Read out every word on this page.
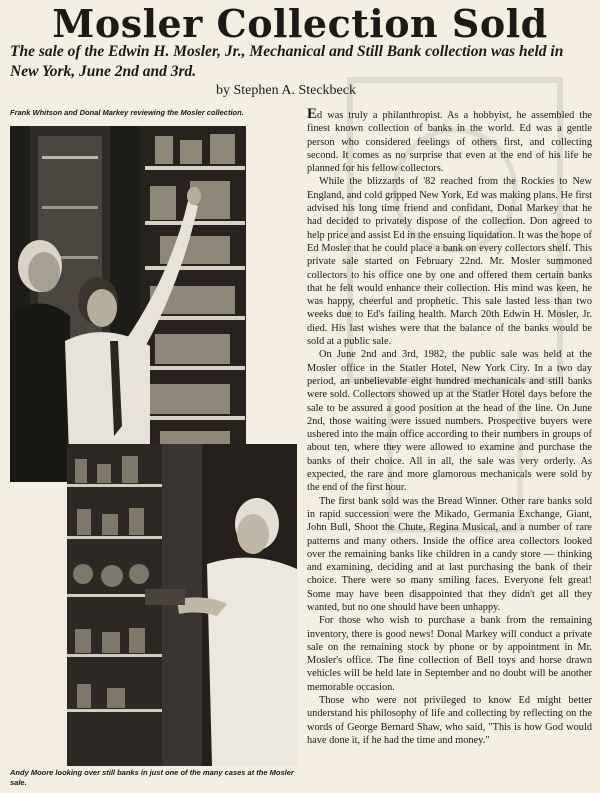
Mosler Collection Sold
The sale of the Edwin H. Mosler, Jr., Mechanical and Still Bank collection was held in New York, June 2nd and 3rd.
by Stephen A. Steckbeck
Frank Whitson and Donal Markey reviewing the Mosler collection.
Andy Moore looking over still banks in just one of the many cases at the Mosler sale.

Ed was truly a philanthropist. As a hobbyist, he assembled the finest known collection of banks in the world. Ed was a gentle person who considered feelings of others first, and collecting second. It comes as no surprise that even at the end of his life he planned for his fellow collectors.

While the blizzards of '82 reached from the Rockies to New England, and cold gripped New York, Ed was making plans. He first advised his long time friend and confidant, Donal Markey that he had decided to privately dispose of the collection. Don agreed to help price and assist Ed in the ensuing liquidation. It was the hope of Ed Mosler that he could place a bank on every collectors shelf. This private sale started on February 22nd. Mr. Mosler summoned collectors to his office one by one and offered them certain banks that he felt would enhance their collection. His mind was keen, he was happy, cheerful and prophetic. This sale lasted less than two weeks due to Ed's failing health. March 20th Edwin H. Mosler, Jr. died. His last wishes were that the balance of the banks would be sold at a public sale.

On June 2nd and 3rd, 1982, the public sale was held at the Mosler office in the Statler Hotel, New York City. In a two day period, an unbelievable eight hundred mechanicals and still banks were sold. Collectors showed up at the Statler Hotel days before the sale to be assured a good position at the head of the line. On June 2nd, those waiting were issued numbers. Prospective buyers were ushered into the main office according to their numbers in groups of about ten, where they were allowed to examine and purchase the banks of their choice. All in all, the sale was very orderly. As expected, the rare and more glamorous mechanicals were sold by the end of the first hour.

The first bank sold was the Bread Winner. Other rare banks sold in rapid succession were the Mikado, Germania Exchange, Giant, John Bull, Shoot the Chute, Regina Musical, and a number of rare patterns and many others. Inside the office area collectors looked over the remaining banks like children in a candy store — thinking and examining, deciding and at last purchasing the bank of their choice. There were so many smiling faces. Everyone felt great! Some may have been disappointed that they didn't get all they wanted, but no one should have been unhappy.

For those who wish to purchase a bank from the remaining inventory, there is good news! Donal Markey will conduct a private sale on the remaining stock by phone or by appointment in Mr. Mosler's office. The fine collection of Bell toys and horse drawn vehicles will be held late in September and no doubt will be another memorable occasion.

Those who were not privileged to know Ed might better understand his philosophy of life and collecting by reflecting on the words of George Bernard Shaw, who said, "This is how God would have done it, if he had the time and money."
